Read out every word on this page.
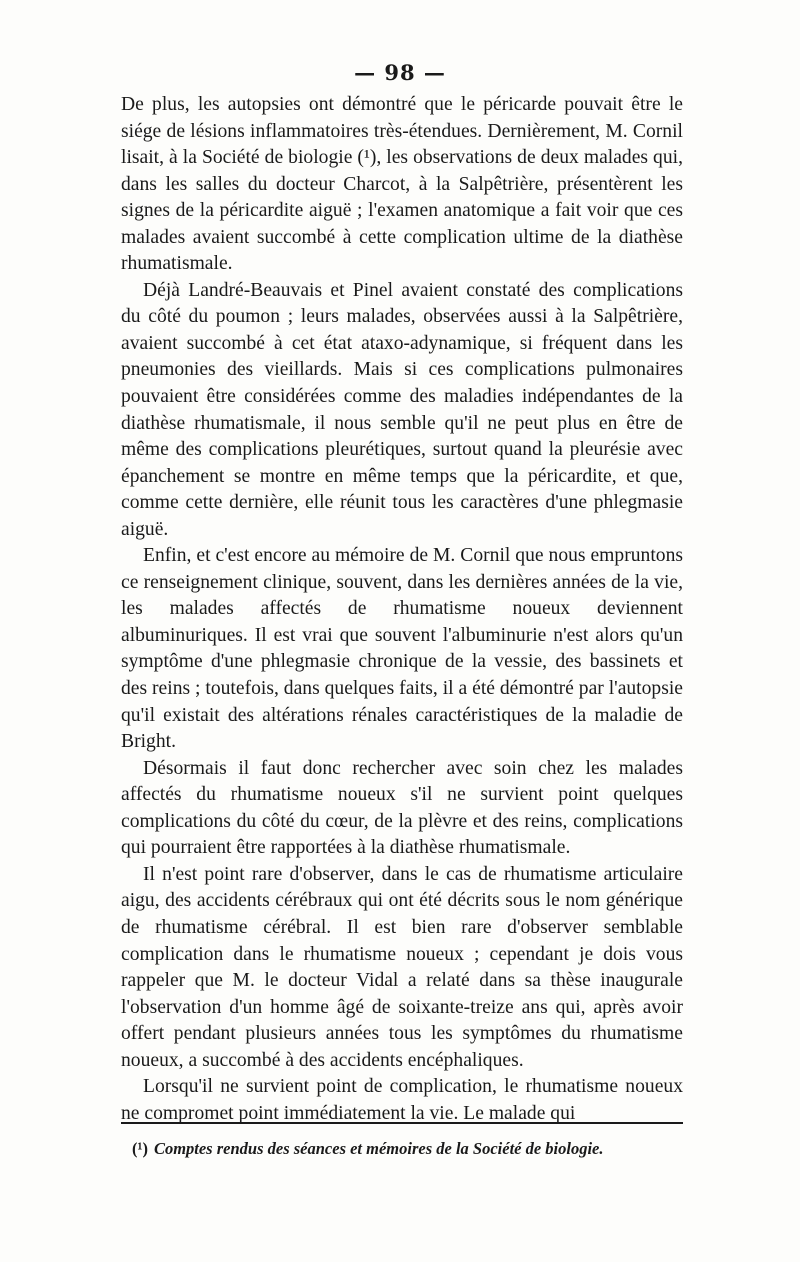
— 98 —

De plus, les autopsies ont démontré que le péricarde pouvait être le siége de lésions inflammatoires très-étendues. Dernièrement, M. Cornil lisait, à la Société de biologie (¹), les observations de deux malades qui, dans les salles du docteur Charcot, à la Salpêtrière, présentèrent les signes de la péricardite aiguë ; l'examen anatomique a fait voir que ces malades avaient succombé à cette complication ultime de la diathèse rhumatismale.

Déjà Landré-Beauvais et Pinel avaient constaté des complications du côté du poumon ; leurs malades, observées aussi à la Salpêtrière, avaient succombé à cet état ataxo-adynamique, si fréquent dans les pneumonies des vieillards. Mais si ces complications pulmonaires pouvaient être considérées comme des maladies indépendantes de la diathèse rhumatismale, il nous semble qu'il ne peut plus en être de même des complications pleurétiques, surtout quand la pleurésie avec épanchement se montre en même temps que la péricardite, et que, comme cette dernière, elle réunit tous les caractères d'une phlegmasie aiguë.

Enfin, et c'est encore au mémoire de M. Cornil que nous empruntons ce renseignement clinique, souvent, dans les dernières années de la vie, les malades affectés de rhumatisme noueux deviennent albuminuriques. Il est vrai que souvent l'albuminurie n'est alors qu'un symptôme d'une phlegmasie chronique de la vessie, des bassinets et des reins ; toutefois, dans quelques faits, il a été démontré par l'autopsie qu'il existait des altérations rénales caractéristiques de la maladie de Bright.

Désormais il faut donc rechercher avec soin chez les malades affectés du rhumatisme noueux s'il ne survient point quelques complications du côté du cœur, de la plèvre et des reins, complications qui pourraient être rapportées à la diathèse rhumatismale.

Il n'est point rare d'observer, dans le cas de rhumatisme articulaire aigu, des accidents cérébraux qui ont été décrits sous le nom générique de rhumatisme cérébral. Il est bien rare d'observer semblable complication dans le rhumatisme noueux ; cependant je dois vous rappeler que M. le docteur Vidal a relaté dans sa thèse inaugurale l'observation d'un homme âgé de soixante-treize ans qui, après avoir offert pendant plusieurs années tous les symptômes du rhumatisme noueux, a succombé à des accidents encéphaliques.

Lorsqu'il ne survient point de complication, le rhumatisme noueux ne compromet point immédiatement la vie. Le malade qui

(¹) Comptes rendus des séances et mémoires de la Société de biologie.
